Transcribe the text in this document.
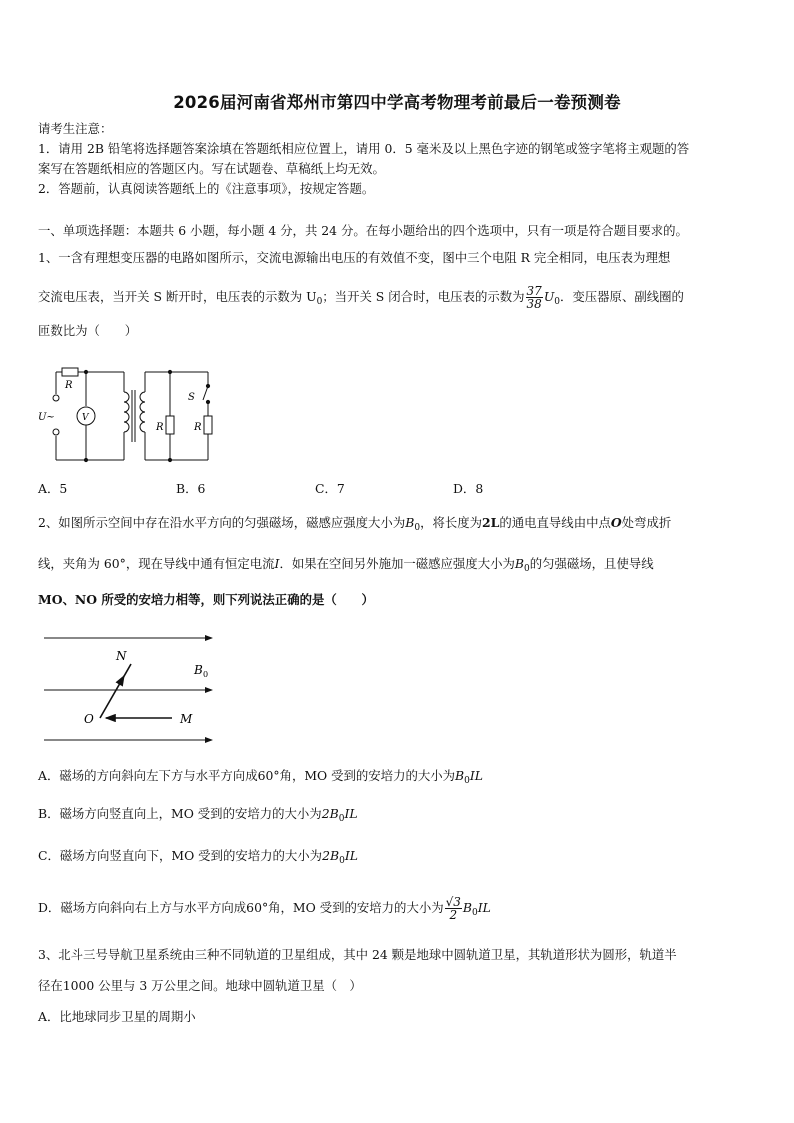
2026届河南省郑州市第四中学高考物理考前最后一卷预测卷
请考生注意：
1．请用 2B 铅笔将选择题答案涂填在答题纸相应位置上，请用 0．5 毫米及以上黑色字迹的钢笔或签字笔将主观题的答
案写在答题纸相应的答题区内。写在试题卷、草稿纸上均无效。
2．答题前，认真阅读答题纸上的《注意事项》，按规定答题。
一、单项选择题：本题共 6 小题，每小题 4 分，共 24 分。在每小题给出的四个选项中，只有一项是符合题目要求的。
1、一含有理想变压器的电路如图所示，交流电源输出电压的有效值不变，图中三个电阻 R 完全相同，电压表为理想
交流电压表，当开关 S 断开时，电压表的示数为 $U_0$；当开关 S 闭合时，电压表的示数为 $\frac{37}{38} U_0$．变压器原、副线圈的
匝数比为（　　）
R
U~	V
S
R	R
A．5	B．6	C．7	D．8
2、如图所示空间中存在沿水平方向的匀强磁场，磁感应强度大小为$B_0$，将长度为2L的通电直导线由中点O处弯成折
线，夹角为 60°，现在导线中通有恒定电流I．如果在空间另外施加一磁感应强度大小为$B_0$的匀强磁场，且使导线
MO、NO 所受的安培力相等，则下列说法正确的是（　　）
N
B 0
O	M
A．磁场的方向斜向左下方与水平方向成60°角，MO 受到的安培力的大小为$B_0IL$
B．磁场方向竖直向上，MO 受到的安培力的大小为$2B_0IL$
C．磁场方向竖直向下，MO 受到的安培力的大小为$2B_0IL$
D．磁场方向斜向右上方与水平方向成60°角，MO 受到的安培力的大小为 $\frac{√3}{2} B_0IL$
3、北斗三号导航卫星系统由三种不同轨道的卫星组成，其中 24 颗是地球中圆轨道卫星，其轨道形状为圆形，轨道半
径在1000 公里与 3 万公里之间。地球中圆轨道卫星（　）
A．比地球同步卫星的周期小
